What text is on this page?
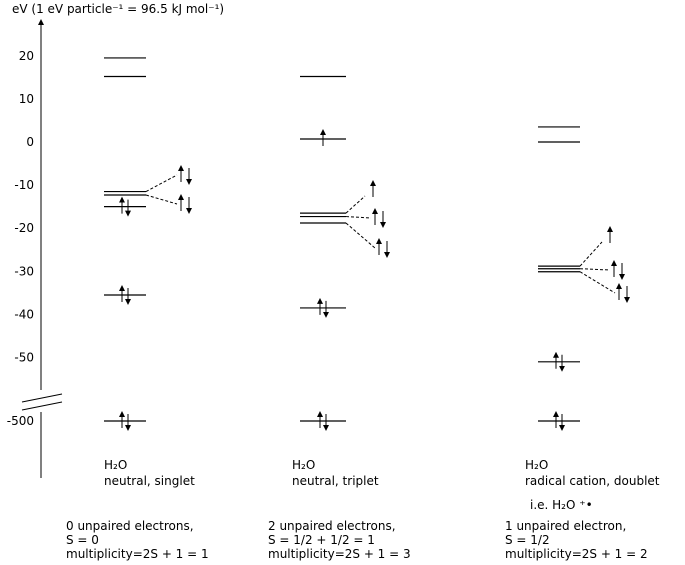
eV (1 eV particle⁻¹ = 96.5 kJ mol⁻¹)
20
10
0
-10
-20
-30
-40
-50
-500
H₂O
neutral, singlet
H₂O
neutral, triplet
H₂O
radical cation, doublet
i.e. H₂O ⁺•
0 unpaired electrons,
S = 0
multiplicity=2S + 1 = 1
2 unpaired electrons,
S = 1/2 + 1/2 = 1
multiplicity=2S + 1 = 3
1 unpaired electron,
S = 1/2
multiplicity=2S + 1 = 2
